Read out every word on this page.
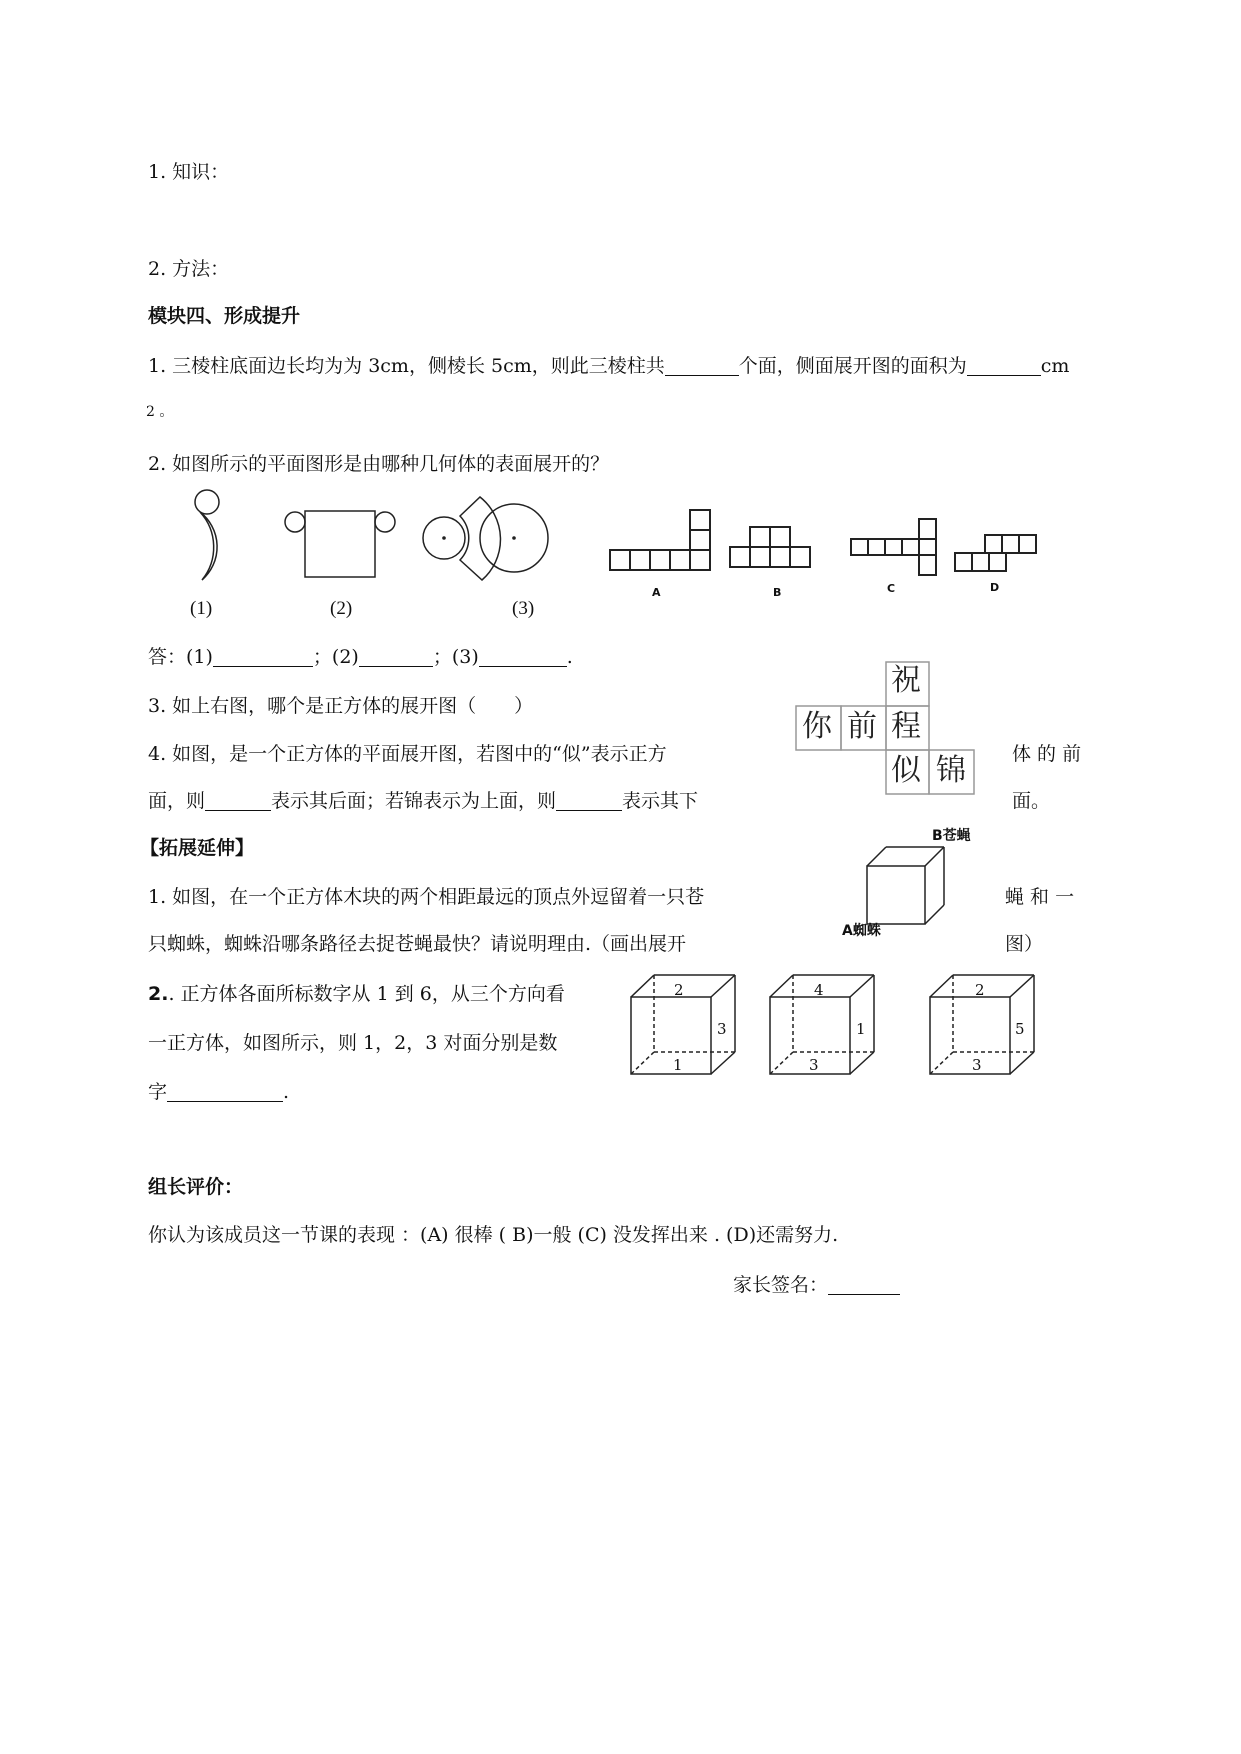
1. 知识：
2. 方法：
模块四、形成提升
1. 三棱柱底面边长均为为 3cm，侧棱长 5cm，则此三棱柱共	个面，侧面展开图的面积为	cm
2 。
2. 如图所示的平面图形是由哪种几何体的表面展开的？
(1)	(2)	(3)
A	B	C	D
答：(1)	；(2)	；(3)	.
3. 如上右图，哪个是正方体的展开图（　　）
祝
你 前 程
似 锦
4. 如图，是一个正方体的平面展开图，若图中的“似”表示正方	体 的 前
面，则	表示其后面；若锦表示为上面，则	表示其下	面。
【拓展延伸】
B苍蝇
A蜘蛛
1. 如图，在一个正方体木块的两个相距最远的顶点外逗留着一只苍	蝇 和 一
只蜘蛛，蜘蛛沿哪条路径去捉苍蝇最快？请说明理由.（画出展开	图）
2.. 正方体各面所标数字从 1 到 6，从三个方向看
一正方体，如图所示，则 1，2，3 对面分别是数
字	.
2
3
1
4
1
3
2
5
3
组长评价：
你认为该成员这一节课的表现 ：(A) 很棒 ( B)一般 (C) 没发挥出来 . (D)还需努力.
家长签名：
